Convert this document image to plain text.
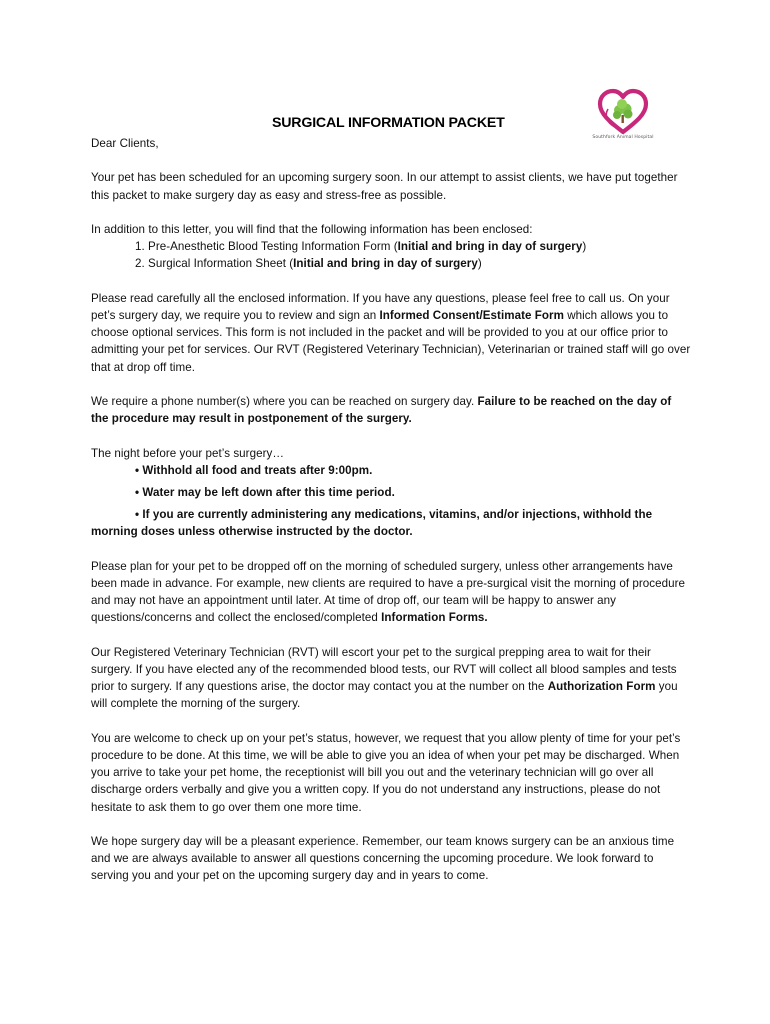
Southfork Animal Hospital
SURGICAL INFORMATION PACKET

Dear Clients,

Your pet has been scheduled for an upcoming surgery soon. In our attempt to assist clients, we have put together this packet to make surgery day as easy and stress-free as possible.

In addition to this letter, you will find that the following information has been enclosed:

1. Pre-Anesthetic Blood Testing Information Form (Initial and bring in day of surgery)

2. Surgical Information Sheet (Initial and bring in day of surgery)

Please read carefully all the enclosed information. If you have any questions, please feel free to call us. On your pet’s surgery day, we require you to review and sign an Informed Consent/Estimate Form which allows you to choose optional services. This form is not included in the packet and will be provided to you at our office prior to admitting your pet for services. Our RVT (Registered Veterinary Technician), Veterinarian or trained staff will go over that at drop off time.

We require a phone number(s) where you can be reached on surgery day. Failure to be reached on the day of the procedure may result in postponement of the surgery.

The night before your pet’s surgery…

• Withhold all food and treats after 9:00pm.

• Water may be left down after this time period.

• If you are currently administering any medications, vitamins, and/or injections, withhold the morning doses unless otherwise instructed by the doctor.

Please plan for your pet to be dropped off on the morning of scheduled surgery, unless other arrangements have been made in advance. For example, new clients are required to have a pre-surgical visit the morning of procedure and may not have an appointment until later. At time of drop off, our team will be happy to answer any questions/concerns and collect the enclosed/completed Information Forms.

Our Registered Veterinary Technician (RVT) will escort your pet to the surgical prepping area to wait for their surgery. If you have elected any of the recommended blood tests, our RVT will collect all blood samples and tests prior to surgery. If any questions arise, the doctor may contact you at the number on the Authorization Form you will complete the morning of the surgery.

You are welcome to check up on your pet’s status, however, we request that you allow plenty of time for your pet’s procedure to be done. At this time, we will be able to give you an idea of when your pet may be discharged. When you arrive to take your pet home, the receptionist will bill you out and the veterinary technician will go over all discharge orders verbally and give you a written copy. If you do not understand any instructions, please do not hesitate to ask them to go over them one more time.

We hope surgery day will be a pleasant experience. Remember, our team knows surgery can be an anxious time and we are always available to answer all questions concerning the upcoming procedure. We look forward to serving you and your pet on the upcoming surgery day and in years to come.
